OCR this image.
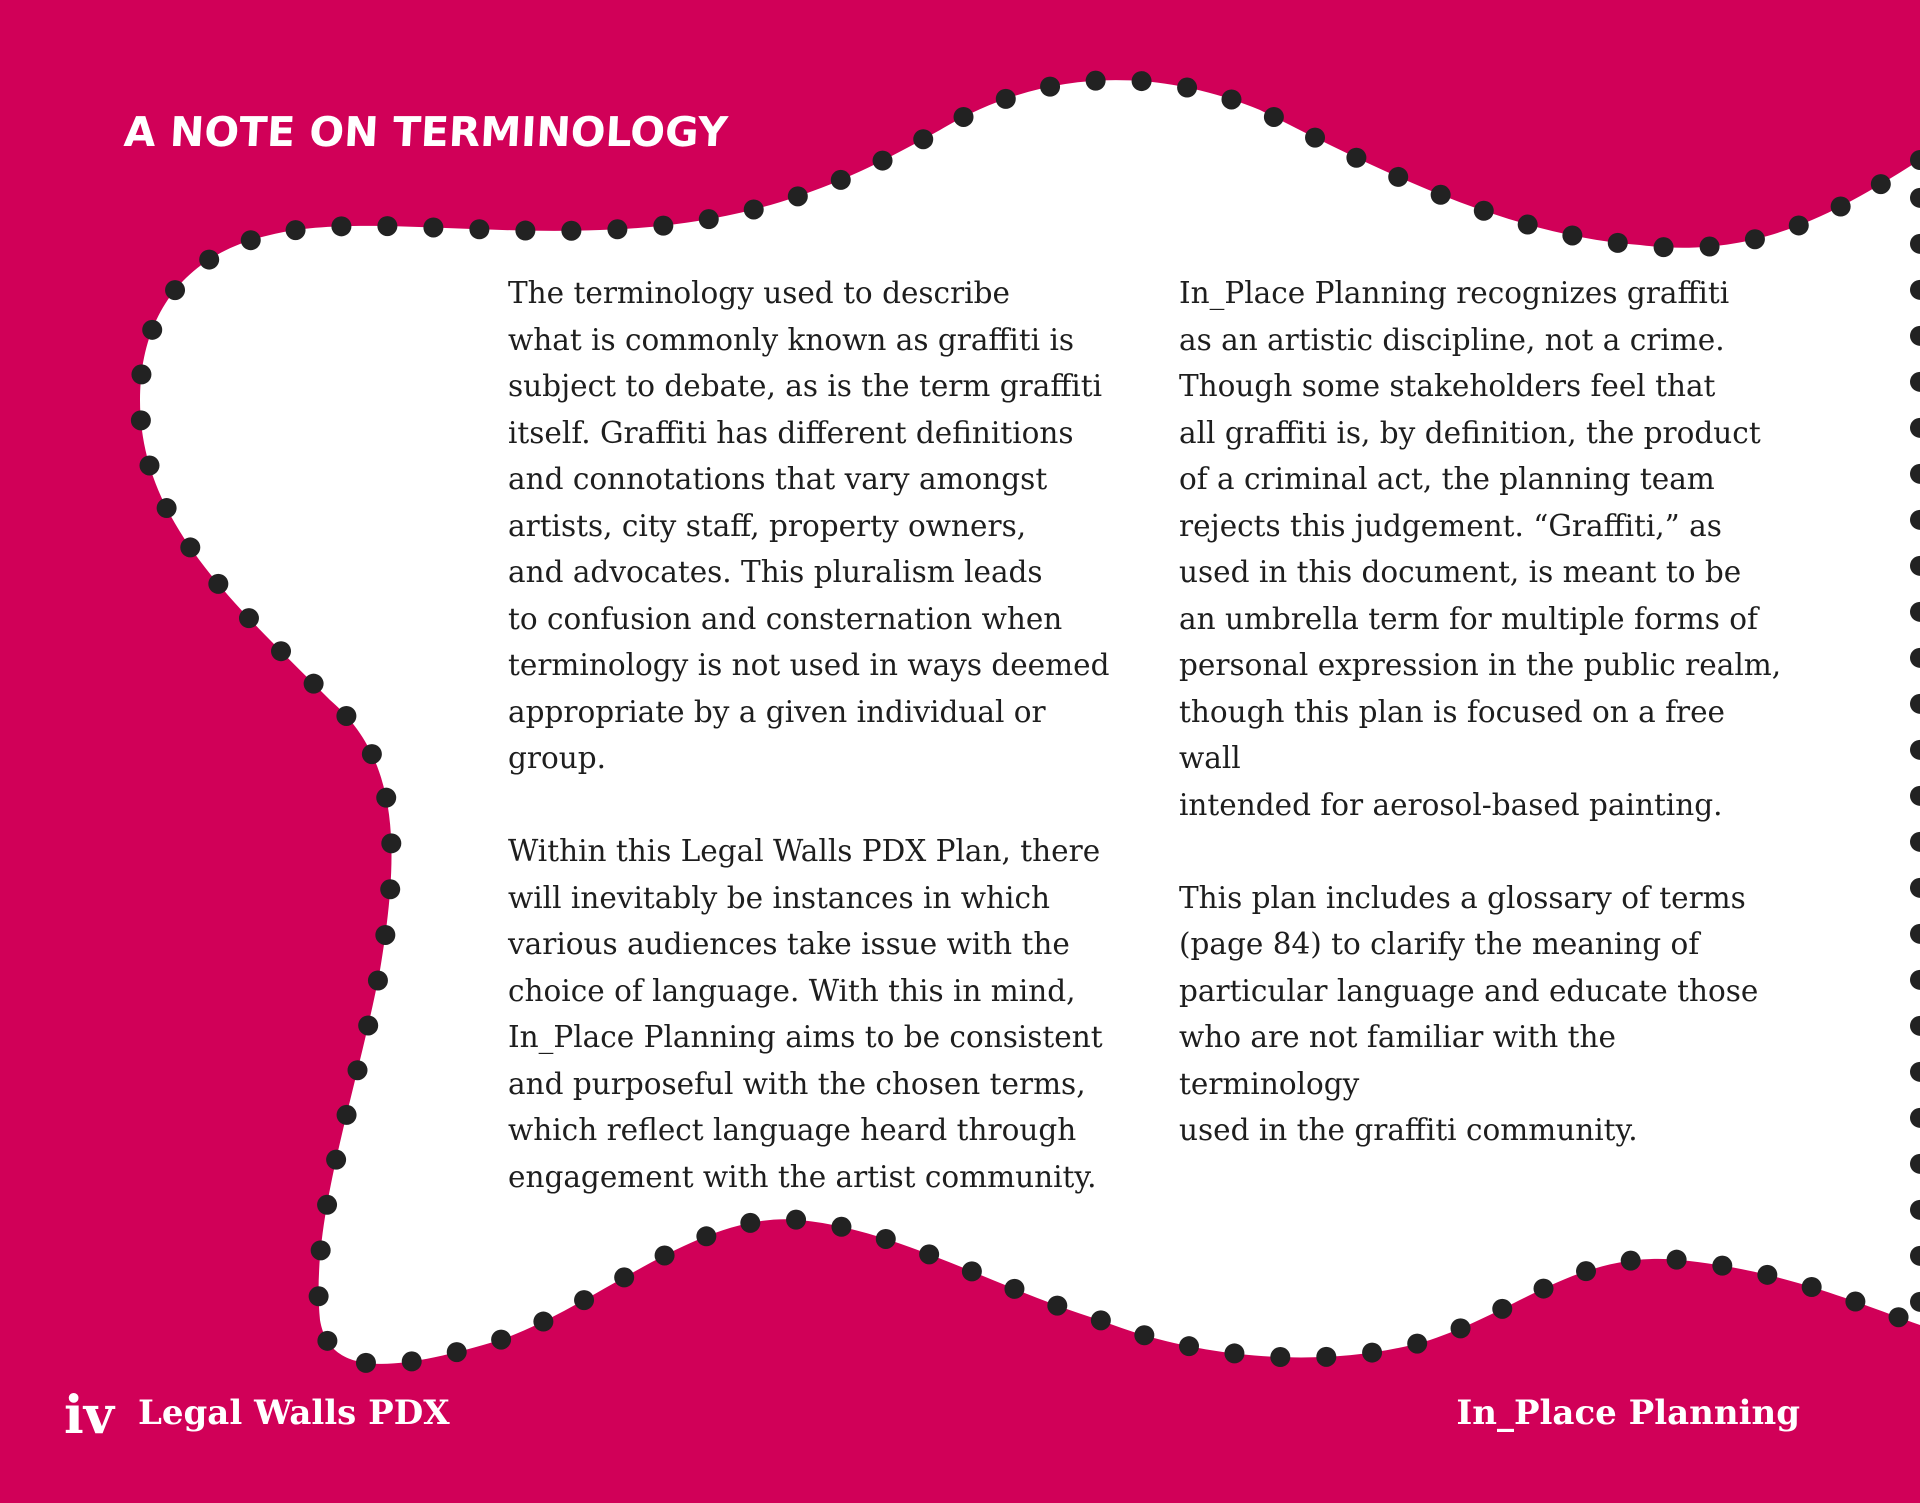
A NOTE ON TERMINOLOGY

The terminology used to describe
what is commonly known as graffiti is
subject to debate, as is the term graffiti
itself. Graffiti has different definitions
and connotations that vary amongst
artists, city staff, property owners,
and advocates. This pluralism leads
to confusion and consternation when
terminology is not used in ways deemed
appropriate by a given individual or
group.

Within this Legal Walls PDX Plan, there
will inevitably be instances in which
various audiences take issue with the
choice of language. With this in mind,
In_Place Planning aims to be consistent
and purposeful with the chosen terms,
which reflect language heard through
engagement with the artist community.

In_Place Planning recognizes graffiti
as an artistic discipline, not a crime.
Though some stakeholders feel that
all graffiti is, by definition, the product
of a criminal act, the planning team
rejects this judgement. “Graffiti,” as
used in this document, is meant to be
an umbrella term for multiple forms of
personal expression in the public realm,
though this plan is focused on a free wall
intended for aerosol-based painting.

This plan includes a glossary of terms
(page 84) to clarify the meaning of
particular language and educate those
who are not familiar with the terminology
used in the graffiti community.

iv Legal Walls PDX	In_Place Planning
